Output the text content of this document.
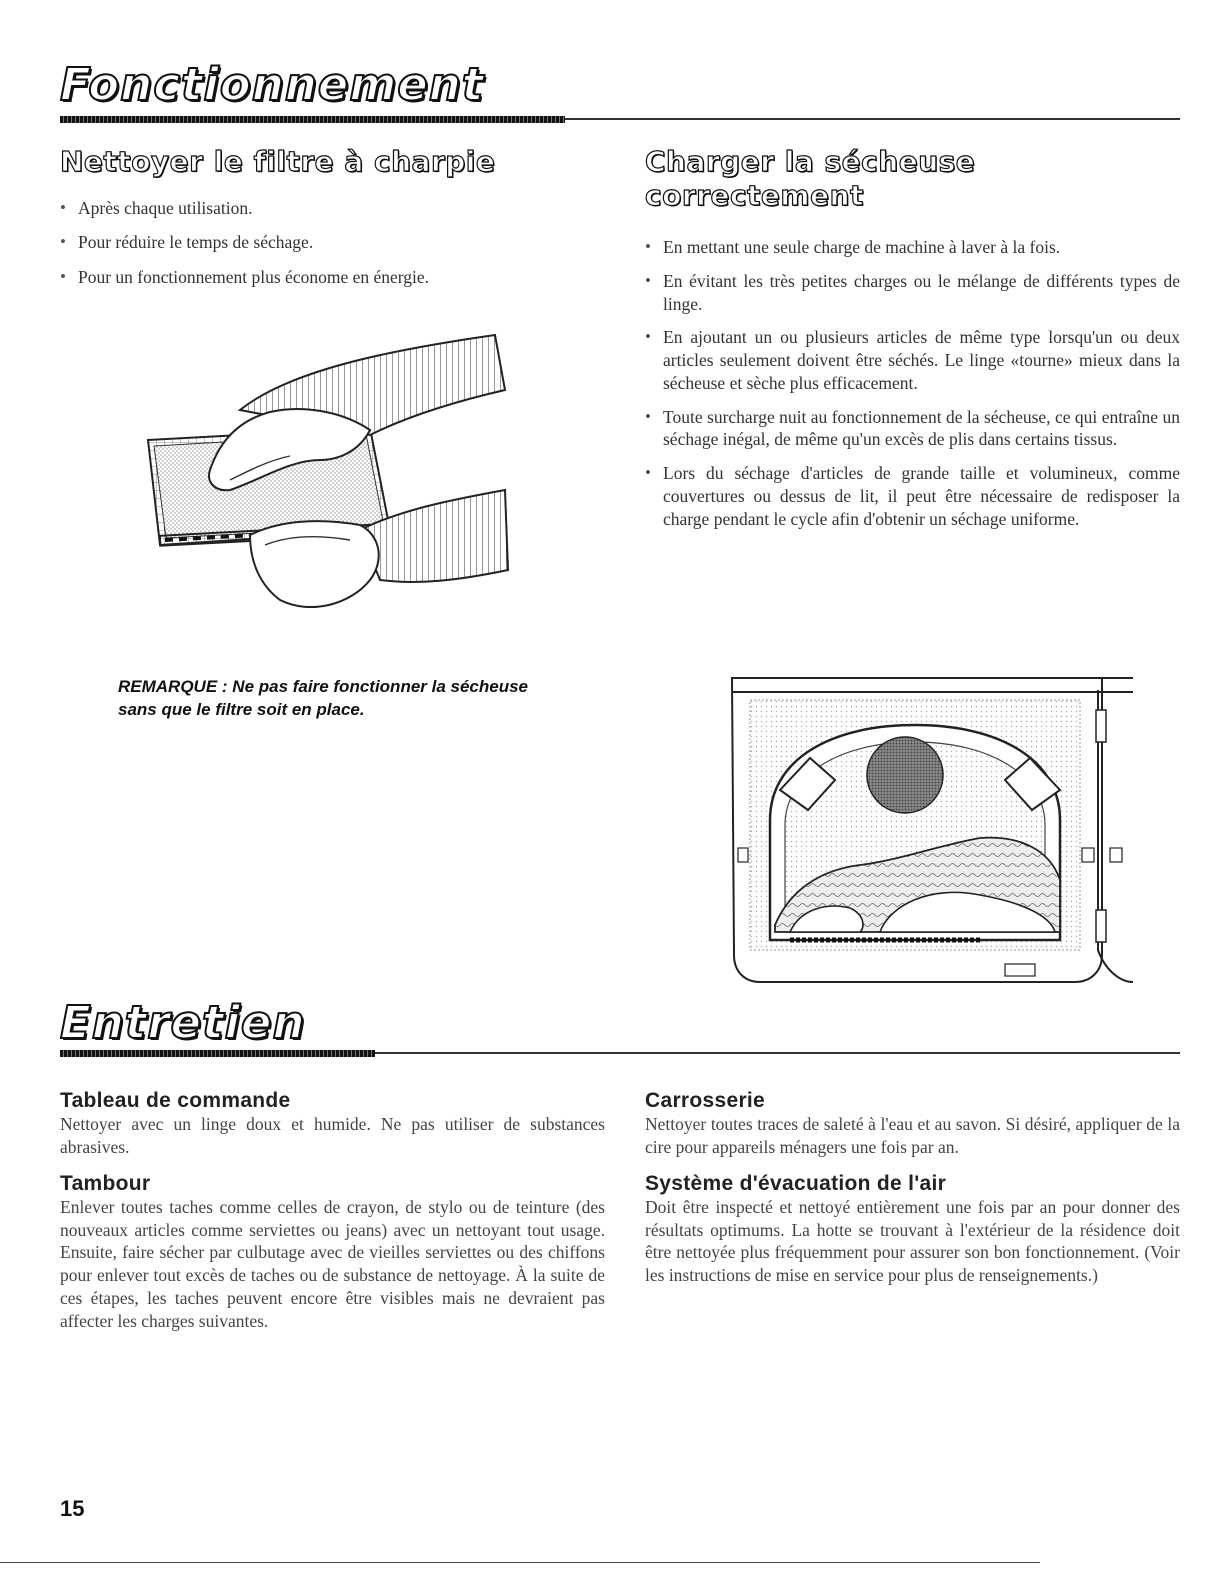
Fonctionnement
Nettoyer le filtre à charpie
• Après chaque utilisation.
• Pour réduire le temps de séchage.
• Pour un fonctionnement plus économe en énergie.
REMARQUE : Ne pas faire fonctionner la sécheuse sans que le filtre soit en place.
Charger la sécheuse
correctement
• En mettant une seule charge de machine à laver à la fois.
• En évitant les très petites charges ou le mélange de différents types de linge.
• En ajoutant un ou plusieurs articles de même type lorsqu'un ou deux articles seulement doivent être séchés. Le linge «tourne» mieux dans la sécheuse et sèche plus efficacement.
• Toute surcharge nuit au fonctionnement de la sécheuse, ce qui entraîne un séchage inégal, de même qu'un excès de plis dans certains tissus.
• Lors du séchage d'articles de grande taille et volumineux, comme couvertures ou dessus de lit, il peut être nécessaire de redisposer la charge pendant le cycle afin d'obtenir un séchage uniforme.
Entretien
Tableau de commande

Nettoyer avec un linge doux et humide. Ne pas utiliser de substances abrasives.

Tambour

Enlever toutes taches comme celles de crayon, de stylo ou de teinture (des nouveaux articles comme serviettes ou jeans) avec un nettoyant tout usage. Ensuite, faire sécher par culbutage avec de vieilles serviettes ou des chiffons pour enlever tout excès de taches ou de substance de nettoyage. À la suite de ces étapes, les taches peuvent encore être visibles mais ne devraient pas affecter les charges suivantes.

Carrosserie

Nettoyer toutes traces de saleté à l'eau et au savon. Si désiré, appliquer de la cire pour appareils ménagers une fois par an.

Système d'évacuation de l'air

Doit être inspecté et nettoyé entièrement une fois par an pour donner des résultats optimums. La hotte se trouvant à l'extérieur de la résidence doit être nettoyée plus fréquemment pour assurer son bon fonctionnement. (Voir les instructions de mise en service pour plus de renseignements.)

15
